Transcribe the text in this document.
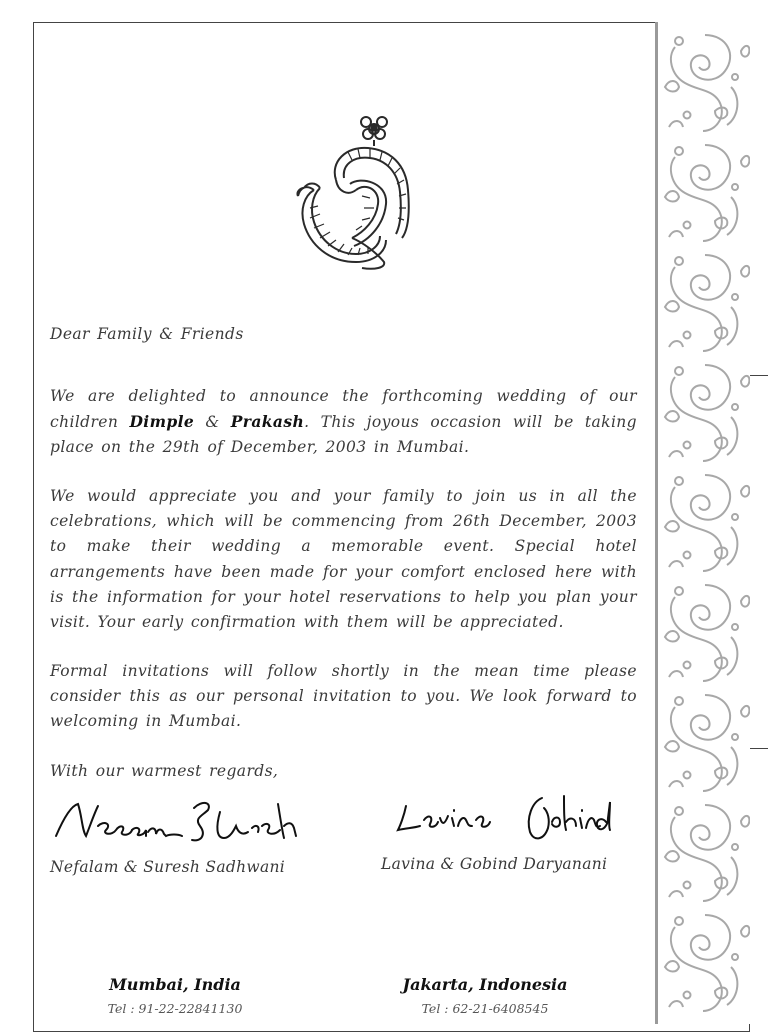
Dear Family & Friends
We are delighted to announce the forthcoming wedding of our children Dimple & Prakash. This joyous occasion will be taking place on the 29th of December, 2003 in Mumbai.
We would appreciate you and your family to join us in all the celebrations, which will be commencing from 26th December, 2003 to make their wedding a memorable event. Special hotel arrangements have been made for your comfort enclosed here with is the information for your hotel reservations to help you plan your visit. Your early confirmation with them will be appreciated.
Formal invitations will follow shortly in the mean time please consider this as our personal invitation to you. We look forward to welcoming in Mumbai.
With our warmest regards,
Nefalam & Suresh Sadhwani	Lavina & Gobind Daryanani
Mumbai, India
Tel : 91-22-22841130
Jakarta, Indonesia
Tel : 62-21-6408545
